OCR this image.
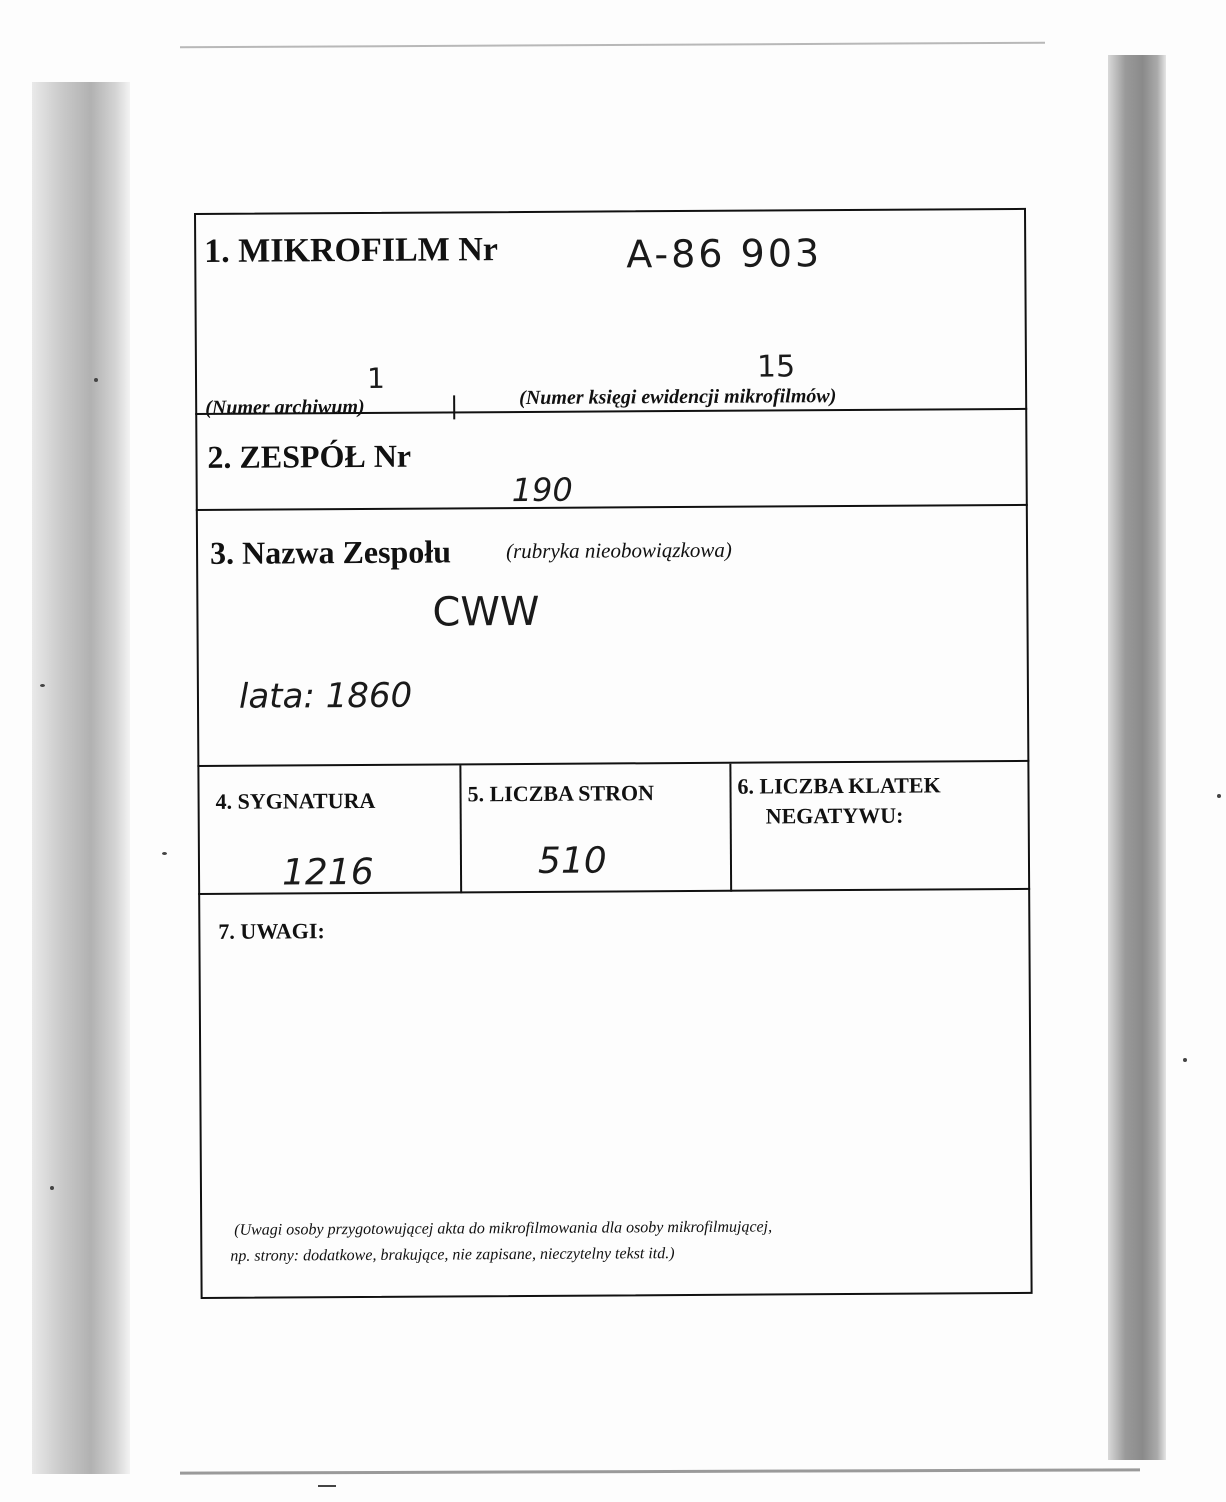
1. MIKROFILM Nr	A-86 903
1
(Numer archiwum)
15
(Numer księgi ewidencji mikrofilmów)
2. ZESPÓŁ Nr
190
3. Nazwa Zespołu	(rubryka nieobowiązkowa)
CWW
lata: 1860
4. SYGNATURA
1216
5. LICZBA STRON
510
6. LICZBA KLATEK
NEGATYWU:
7. UWAGI:
(Uwagi osoby przygotowującej akta do mikrofilmowania dla osoby mikrofilmującej,
np. strony: dodatkowe, brakujące, nie zapisane, nieczytelny tekst itd.)
